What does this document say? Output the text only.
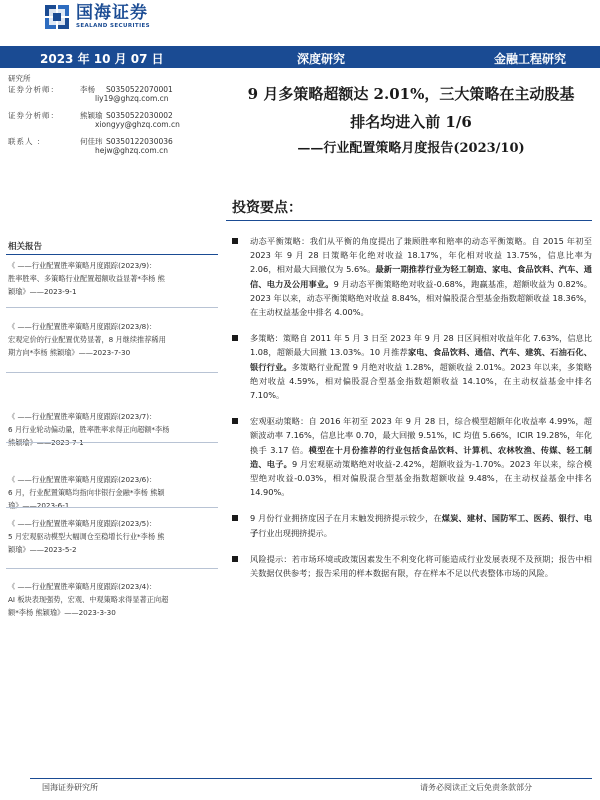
国海证券
SEALAND SECURITIES
2023 年 10 月 07 日	深度研究	金融工程研究
研究所
证券分析师：	李杨	S0350522070001
liy19@ghzq.com.cn
证券分析师：	熊颖瑜 S0350522030002
xiongyy@ghzq.com.cn
联系人 ：	何佳玮 S0350122030036
hejw@ghzq.com.cn
9 月多策略超额达 2.01%，三大策略在主动股基
排名均进入前 1/6
——行业配置策略月度报告(2023/10)
投资要点：
相关报告
《 ——行业配置胜率策略月度跟踪(2023/9)：
胜率胜率、多策略行业配置超额收益显著*李杨 熊
颖瑜》——2023-9-1
《 ——行业配置胜率策略月度跟踪(2023/8)：
宏观定价的行业配置优势显著，8 月继续推荐稀用
期方向*李杨 熊颖瑜》——2023-7-30
《 ——行业配置胜率策略月度跟踪(2023/7)：
6 月行业轮动偏动量，胜率胜率求得正向超额*李杨
熊颖瑜》——2023-7-1
《 ——行业配置胜率策略月度跟踪(2023/6)：
6 月，行业配置策略均指向非银行金融*李杨 熊颖
瑜》——2023-6-1
《 ——行业配置胜率策略月度跟踪(2023/5)：
5 月宏观驱动模型大幅调仓至稳增长行业*李杨 熊
颖瑜》——2023-5-2
《 ——行业配置胜率策略月度跟踪(2023/4)：
AI 板块表现强势，宏观、中观策略求得显著正向超
额*李杨 熊颖瑜》——2023-3-30
动态平衡策略：我们从平衡的角度提出了兼顾胜率和赔率的动态平衡策略。自 2015 年初至 2023 年 9 月 28 日策略年化绝对收益 18.17%，年化相对收益 13.75%，信息比率为 2.06，相对最大回撤仅为 5.6%。最新一期推荐行业为轻工制造、家电、食品饮料、汽车、通信、电力及公用事业。9 月动态平衡策略绝对收益-0.68%，跑赢基准，超额收益为 0.82%。2023 年以来，动态平衡策略绝对收益 8.84%，相对偏股混合型基金指数超额收益 18.36%，在主动权益基金中排名 4.00%。
多策略：策略自 2011 年 5 月 3 日至 2023 年 9 月 28 日区间相对收益年化 7.63%，信息比 1.08，超额最大回撤 13.03%。10 月推荐家电、食品饮料、通信、汽车、建筑、石油石化、银行行业。多策略行业配置 9 月绝对收益 1.28%，超额收益 2.01%。2023 年以来，多策略绝对收益 4.59%，相对偏股混合型基金指数超额收益 14.10%，在主动权益基金中排名 7.10%。
宏观驱动策略：自 2016 年初至 2023 年 9 月 28 日，综合模型超额年化收益率 4.99%，超额波动率 7.16%，信息比率 0.70，最大回撤 9.51%，IC 均值 5.66%，ICIR 19.28%，年化换手 3.17 倍。模型在十月份推荐的行业包括食品饮料、计算机、农林牧渔、传媒、轻工制造、电子。9 月宏观驱动策略绝对收益-2.42%，超额收益为-1.70%。2023 年以来，综合模型绝对收益-0.03%，相对偏股混合型基金指数超额收益 9.48%，在主动权益基金中排名 14.90%。
9 月份行业拥挤度因子在月末触发拥挤提示较少，在煤炭、建材、国防军工、医药、银行、电子行业出现拥挤提示。
风险提示：若市场环境或政策因素发生不利变化将可能造成行业发展表现不及预期；报告中相关数据仅供参考；报告采用的样本数据有限，存在样本不足以代表整体市场的风险。
国海证券研究所	请务必阅读正文后免责条款部分
